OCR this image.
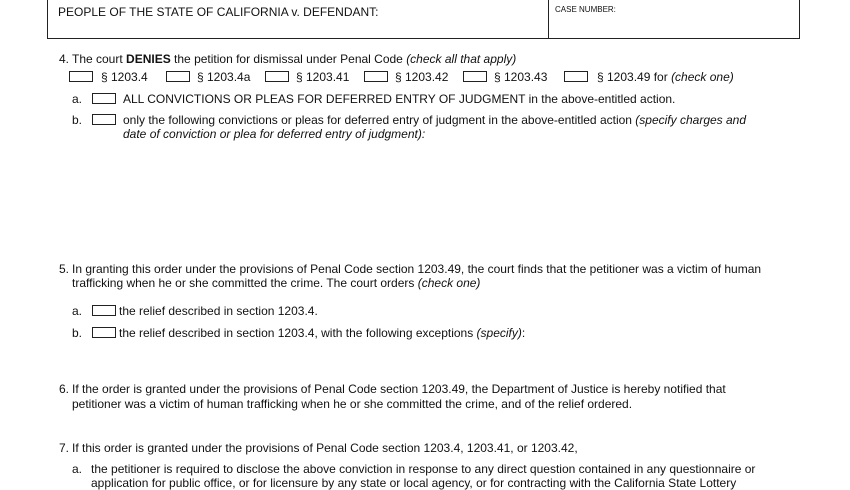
PEOPLE OF THE STATE OF CALIFORNIA v. DEFENDANT:	CASE NUMBER:
4. The court DENIES the petition for dismissal under Penal Code (check all that apply)
§ 1203.4	§ 1203.4a	§ 1203.41	§ 1203.42	§ 1203.43	§ 1203.49 for (check one)
a.	ALL CONVICTIONS OR PLEAS FOR DEFERRED ENTRY OF JUDGMENT in the above-entitled action.
b.	only the following convictions or pleas for deferred entry of judgment in the above-entitled action (specify charges and
date of conviction or plea for deferred entry of judgment):
5. In granting this order under the provisions of Penal Code section 1203.49, the court finds that the petitioner was a victim of human
trafficking when he or she committed the crime. The court orders (check one)
a.	the relief described in section 1203.4.
b.	the relief described in section 1203.4, with the following exceptions (specify):
6. If the order is granted under the provisions of Penal Code section 1203.49, the Department of Justice is hereby notified that
petitioner was a victim of human trafficking when he or she committed the crime, and of the relief ordered.
7. If this order is granted under the provisions of Penal Code section 1203.4, 1203.41, or 1203.42,
a. the petitioner is required to disclose the above conviction in response to any direct question contained in any questionnaire or
application for public office, or for licensure by any state or local agency, or for contracting with the California State Lottery
